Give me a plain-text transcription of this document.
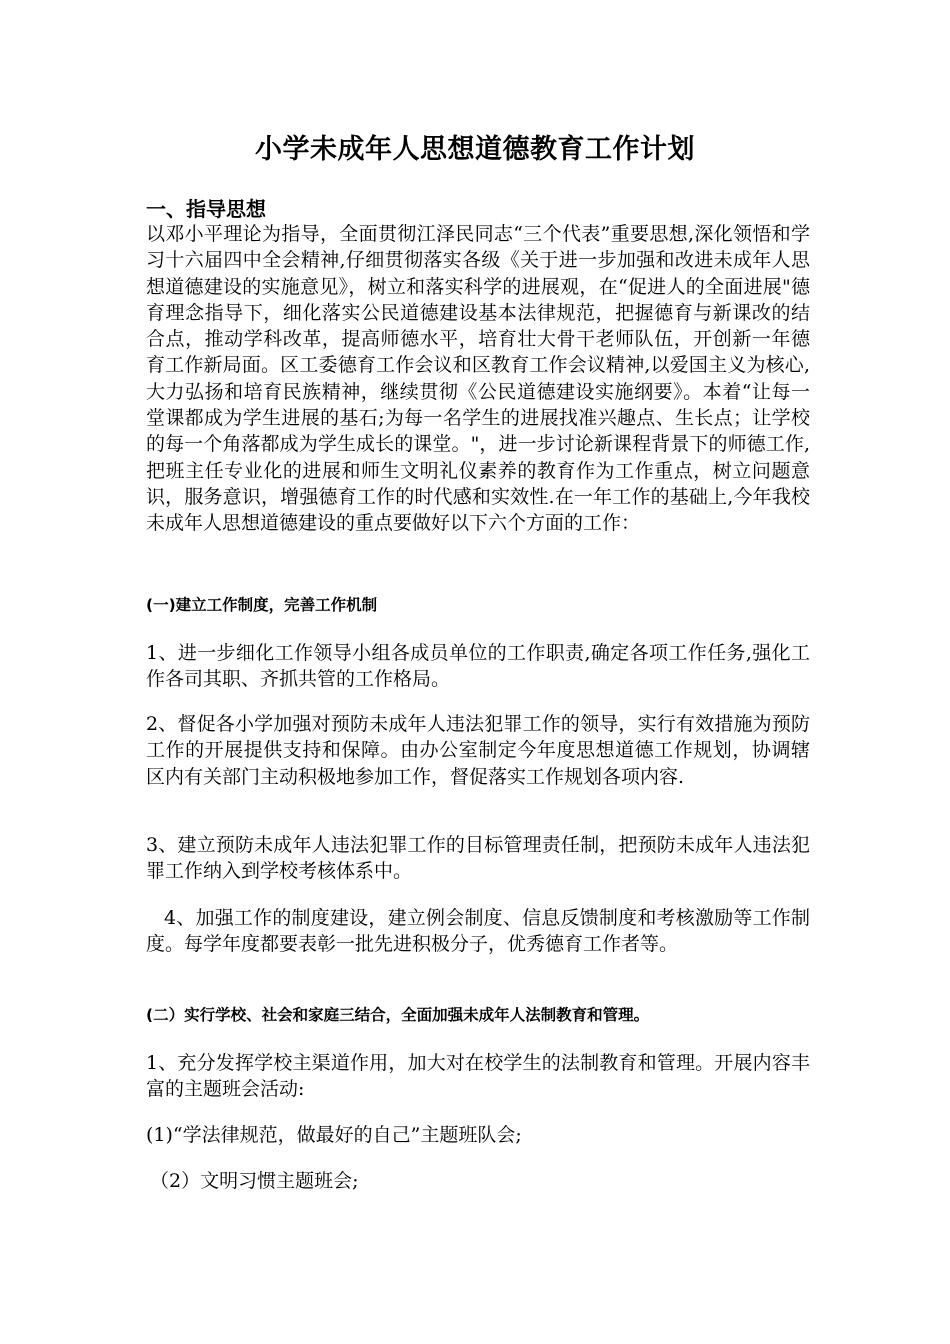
小学未成年人思想道德教育工作计划
一、指导思想

以邓小平理论为指导，全面贯彻江泽民同志“三个代表”重要思想,深化领悟和学习十六届四中全会精神,仔细贯彻落实各级《关于进一步加强和改进未成年人思想道德建设的实施意见》，树立和落实科学的进展观，在“促进人的全面进展"德育理念指导下，细化落实公民道德建设基本法律规范，把握德育与新课改的结合点，推动学科改革，提高师德水平，培育壮大骨干老师队伍，开创新一年德育工作新局面。区工委德育工作会议和区教育工作会议精神,以爱国主义为核心,大力弘扬和培育民族精神，继续贯彻《公民道德建设实施纲要》。本着“让每一堂课都成为学生进展的基石;为每一名学生的进展找准兴趣点、生长点；让学校的每一个角落都成为学生成长的课堂。"，进一步讨论新课程背景下的师德工作,把班主任专业化的进展和师生文明礼仪素养的教育作为工作重点，树立问题意识，服务意识，增强德育工作的时代感和实效性.在一年工作的基础上,今年我校未成年人思想道德建设的重点要做好以下六个方面的工作：

(一)建立工作制度，完善工作机制

1、进一步细化工作领导小组各成员单位的工作职责,确定各项工作任务,强化工作各司其职、齐抓共管的工作格局。

2、督促各小学加强对预防未成年人违法犯罪工作的领导，实行有效措施为预防工作的开展提供支持和保障。由办公室制定今年度思想道德工作规划，协调辖区内有关部门主动积极地参加工作，督促落实工作规划各项内容.

3、建立预防未成年人违法犯罪工作的目标管理责任制，把预防未成年人违法犯罪工作纳入到学校考核体系中。

4、加强工作的制度建设，建立例会制度、信息反馈制度和考核激励等工作制度。每学年度都要表彰一批先进积极分子，优秀德育工作者等。

(二）实行学校、社会和家庭三结合，全面加强未成年人法制教育和管理。

1、充分发挥学校主渠道作用，加大对在校学生的法制教育和管理。开展内容丰富的主题班会活动:

(1)“学法律规范，做最好的自己”主题班队会;

（2）文明习惯主题班会;
